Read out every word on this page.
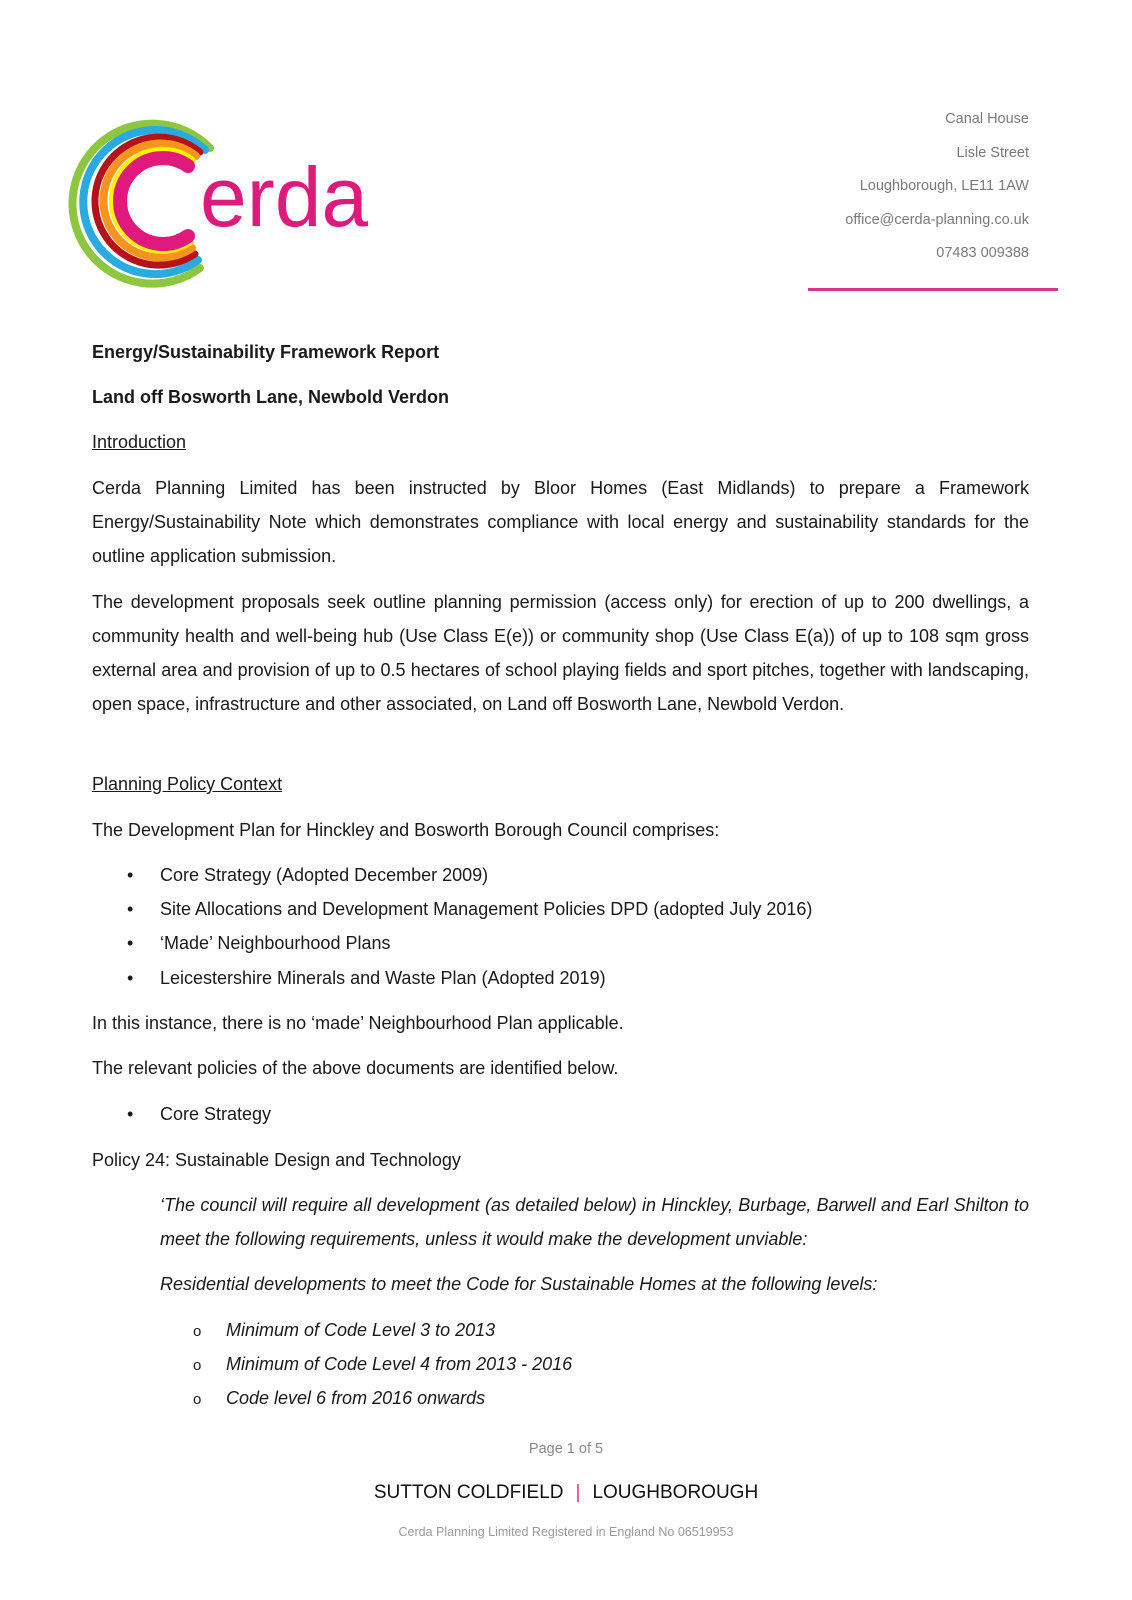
erda
Canal House
Lisle Street
Loughborough, LE11 1AW
office@cerda-planning.co.uk
07483 009388
Energy/Sustainability Framework Report
Land off Bosworth Lane, Newbold Verdon
Introduction
Cerda Planning Limited has been instructed by Bloor Homes (East Midlands) to prepare a Framework Energy/Sustainability Note which demonstrates compliance with local energy and sustainability standards for the outline application submission.
The development proposals seek outline planning permission (access only) for erection of up to 200 dwellings, a community health and well-being hub (Use Class E(e)) or community shop (Use Class E(a)) of up to 108 sqm gross external area and provision of up to 0.5 hectares of school playing fields and sport pitches, together with landscaping, open space, infrastructure and other associated, on Land off Bosworth Lane, Newbold Verdon.
Planning Policy Context
The Development Plan for Hinckley and Bosworth Borough Council comprises:
• Core Strategy (Adopted December 2009)
• Site Allocations and Development Management Policies DPD (adopted July 2016)
• ‘Made’ Neighbourhood Plans
• Leicestershire Minerals and Waste Plan (Adopted 2019)
In this instance, there is no ‘made’ Neighbourhood Plan applicable.
The relevant policies of the above documents are identified below.
• Core Strategy
Policy 24: Sustainable Design and Technology
‘The council will require all development (as detailed below) in Hinckley, Burbage, Barwell and Earl Shilton to meet the following requirements, unless it would make the development unviable:
Residential developments to meet the Code for Sustainable Homes at the following levels:
o Minimum of Code Level 3 to 2013
o Minimum of Code Level 4 from 2013 - 2016
o Code level 6 from 2016 onwards
Page 1 of 5
SUTTON COLDFIELD | LOUGHBOROUGH
Cerda Planning Limited Registered in England No 06519953
